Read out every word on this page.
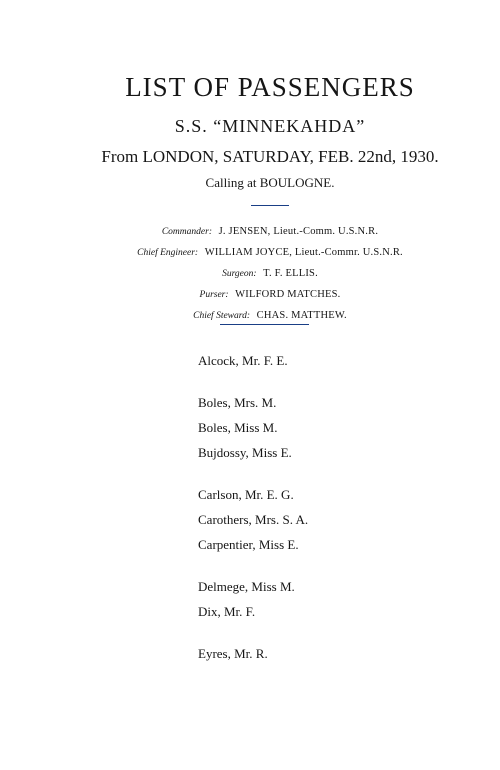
LIST OF PASSENGERS
S.S. “MINNEKAHDA”
From LONDON, SATURDAY, FEB. 22nd, 1930.
Calling at BOULOGNE.
Commander: J. JENSEN, Lieut.-Comm. U.S.N.R.
Chief Engineer: WILLIAM JOYCE, Lieut.-Commr. U.S.N.R.
Surgeon: T. F. ELLIS.
Purser: WILFORD MATCHES.
Chief Steward: CHAS. MATTHEW.
Alcock, Mr. F. E.
Boles, Mrs. M.
Boles, Miss M.
Bujdossy, Miss E.
Carlson, Mr. E. G.
Carothers, Mrs. S. A.
Carpentier, Miss E.
Delmege, Miss M.
Dix, Mr. F.
Eyres, Mr. R.
